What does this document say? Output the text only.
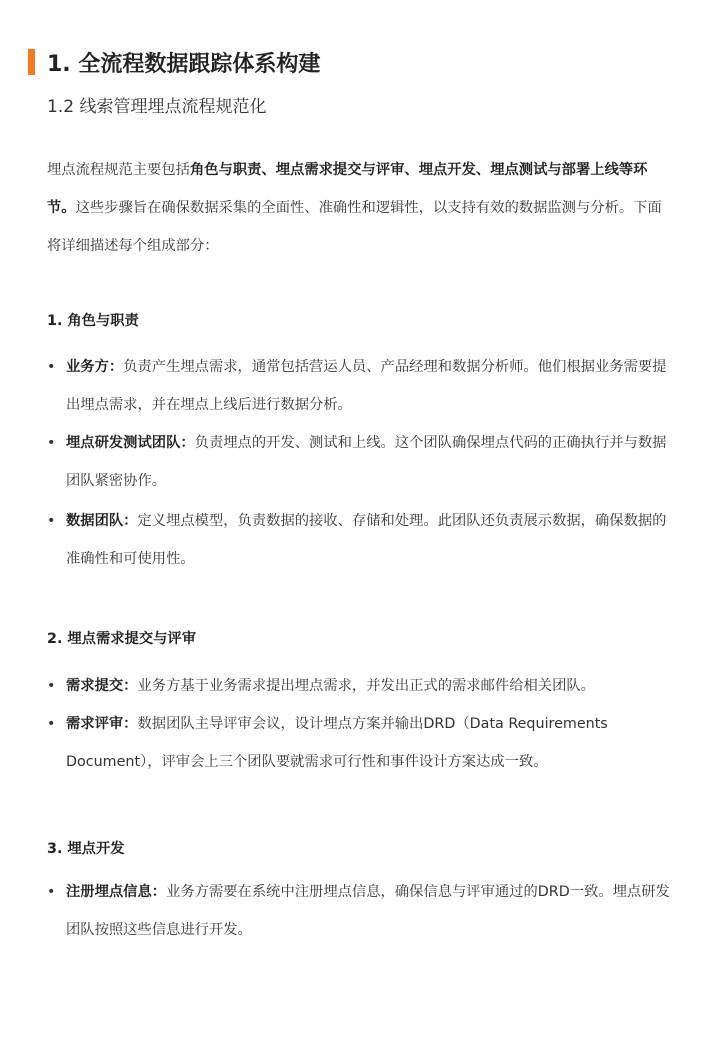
1. 全流程数据跟踪体系构建
1.2 线索管理埋点流程规范化
埋点流程规范主要包括角色与职责、埋点需求提交与评审、埋点开发、埋点测试与部署上线等环节。这些步骤旨在确保数据采集的全面性、准确性和逻辑性，以支持有效的数据监测与分析。下面将详细描述每个组成部分：
1. 角色与职责
• 业务方：负责产生埋点需求，通常包括营运人员、产品经理和数据分析师。他们根据业务需要提出埋点需求，并在埋点上线后进行数据分析。
• 埋点研发测试团队：负责埋点的开发、测试和上线。这个团队确保埋点代码的正确执行并与数据团队紧密协作。
• 数据团队：定义埋点模型，负责数据的接收、存储和处理。此团队还负责展示数据，确保数据的准确性和可使用性。
2. 埋点需求提交与评审
• 需求提交：业务方基于业务需求提出埋点需求，并发出正式的需求邮件给相关团队。
• 需求评审：数据团队主导评审会议，设计埋点方案并输出DRD（Data Requirements Document），评审会上三个团队要就需求可行性和事件设计方案达成一致。
3. 埋点开发
• 注册埋点信息：业务方需要在系统中注册埋点信息，确保信息与评审通过的DRD一致。埋点研发团队按照这些信息进行开发。
